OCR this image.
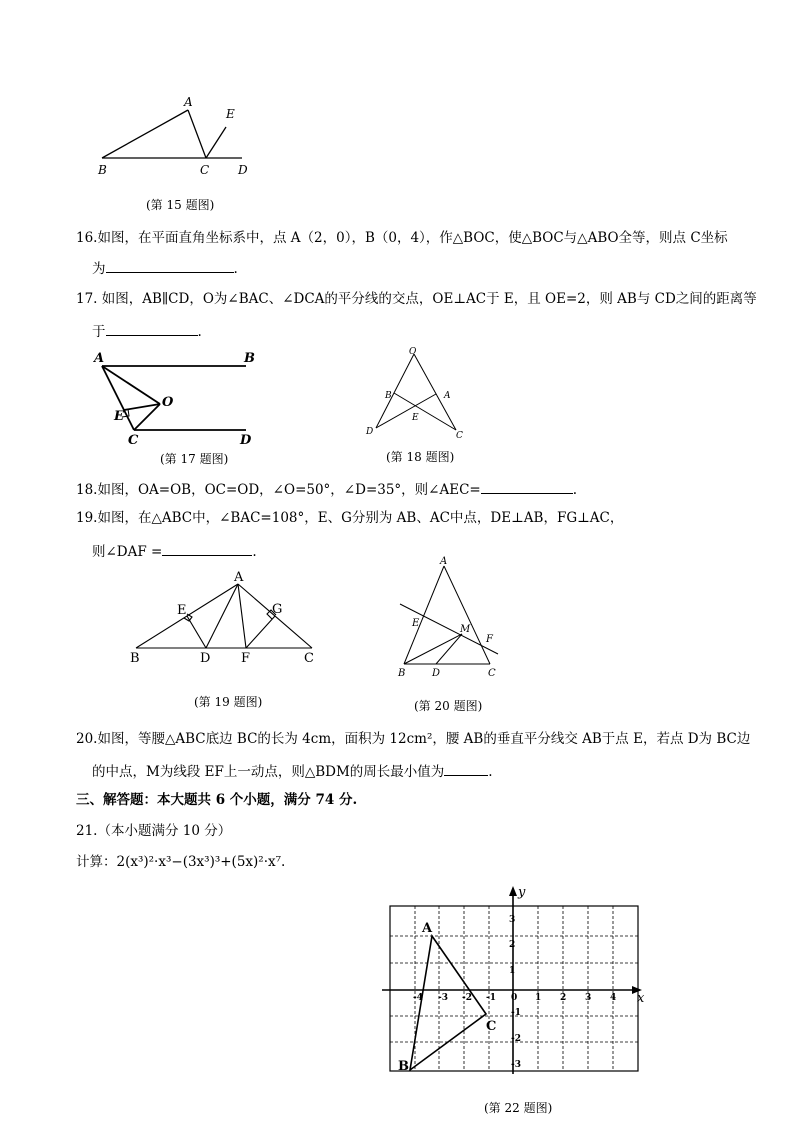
A
E
B	C D
(第 15 题图)
16.如图，在平面直角坐标系中，点 A（2，0），B（0，4），作△BOC，使△BOC与△ABO全等，则点 C坐标
为	.
17. 如图，AB∥CD，O为∠BAC、∠DCA的平分线的交点，OE⊥AC于 E，且 OE=2，则 AB与 CD之间的距离等
于	.
A	B
O
E
C	D
(第 17 题图)
O
B	A
E
D	C
(第 18 题图)
18.如图，OA=OB，OC=OD，∠O=50°，∠D=35°，则∠AEC=	.
19.如图，在△ABC中，∠BAC=108°，E、G分别为 AB、AC中点，DE⊥AB，FG⊥AC，
则∠DAF =	.
A
E	G
B	D F	C
(第 19 题图)
A
E
M
F
B	D	C
(第 20 题图)
20.如图，等腰△ABC底边 BC的长为 4cm，面积为 12cm²，腰 AB的垂直平分线交 AB于点 E，若点 D为 BC边
的中点，M为线段 EF上一动点，则△BDM的周长最小值为	.
三、解答题：本大题共 6 个小题，满分 74 分.
21.（本小题满分 10 分）
计算：2(x³)²·x³−(3x³)³+(5x)²·x⁷.
x
y
-4 -3 -2 -1 0 1 2 3 4
3
2
1
-1
-2
-3
A
B
C
(第 22 题图)
